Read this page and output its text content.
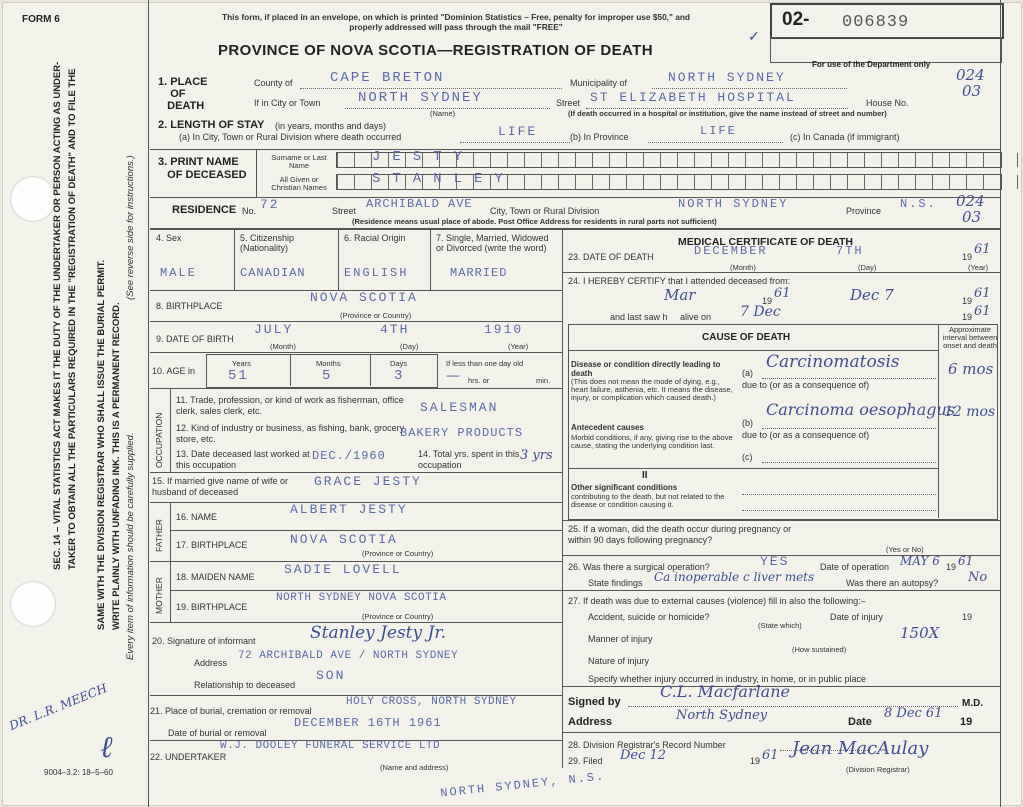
FORM 6
SEC. 14 – VITAL STATISTICS ACT MAKES IT THE DUTY OF THE UNDERTAKER OR PERSON ACTING AS UNDER- TAKER TO OBTAIN ALL THE PARTICULARS REQUIRED IN THE "REGISTRATION OF DEATH" AND TO FILE THE SAME WITH THE DIVISION REGISTRAR WHO SHALL ISSUE THE BURIAL PERMIT. WRITE PLAINLY WITH UNFADING INK. THIS IS A PERMANENT RECORD. Every item of information should be carefully supplied.
(See reverse side for instructions.)
DR. L.R. MEECH
ℓ
9004–3.2: 18–5–60
This form, if placed in an envelope, on which is printed "Dominion Statistics – Free, penalty for improper use $50," and properly addressed will pass through the mail "FREE"
PROVINCE OF NOVA SCOTIA—REGISTRATION OF DEATH
02- 006839
✓
For use of the Department only
024
03
024
03
1. PLACE
OF
DEATH
County of	CAPE BRETON	Municipality of	NORTH SYDNEY
If in City or Town	NORTH SYDNEY
(Name)
Street ST ELIZABETH HOSPITAL	House No.
(If death occurred in a hospital or institution, give the name instead of street and number)
2. LENGTH OF STAY (in years, months and days)
(a) In City, Town or Rural Division where death occurred	LIFE	(b) In Province	LIFE	(c) In Canada (if immigrant)
3. PRINT NAME
OF DECEASED
Surname or Last Name
All Given or Christian Names
JESTY
STANLEY
RESIDENCE No. 72	Street ARCHIBALD AVE City, Town or Rural Division	NORTH SYDNEY	Province N.S.
(Residence means usual place of abode. Post Office Address for residents in rural parts not sufficient)
4. Sex	5. Citizenship (Nationality)
6. Racial Origin	7. Single, Married, Widowed or Divorced (write the word)
MALE	CANADIAN	ENGLISH	MARRIED
8. BIRTHPLACE
NOVA SCOTIA
(Province or Country)
9. DATE OF BIRTH
JULY	4TH	1910
(Month)	(Day)	(Year)
10. AGE in
Years	Months	Days
51	5	3
If less than one day old
— hrs. or	min.
OCCUPATION
11. Trade, profession, or kind of work as fisherman, office clerk, sales clerk, etc.	SALESMAN
12. Kind of industry or business, as fishing, bank, grocery store, etc.	BAKERY PRODUCTS
13. Date deceased last worked at this occupation
DEC./1960	14. Total yrs. spent in this occupation
3 yrs
15. If married give name of wife or husband of deceased
GRACE JESTY
FATHER
16. NAME	ALBERT JESTY
17. BIRTHPLACE	NOVA SCOTIA
(Province or Country)
MOTHER
18. MAIDEN NAME SADIE LOVELL
19. BIRTHPLACE
NORTH SYDNEY NOVA SCOTIA
(Province or Country)
20. Signature of informant	Stanley Jesty Jr.
Address
72 ARCHIBALD AVE / NORTH SYDNEY
Relationship to deceased
SON
21. Place of burial, cremation or removal
HOLY CROSS, NORTH SYDNEY
Date of burial or removal
DECEMBER 16TH 1961
22. UNDERTAKER
W.J. DOOLEY FUNERAL SERVICE LTD
(Name and address)
NORTH SYDNEY, N.S.
MEDICAL CERTIFICATE OF DEATH
23. DATE OF DEATH	DECEMBER	7TH	19 61
(Month)	(Day)	(Year)
24. I HEREBY CERTIFY that I attended deceased from:
Mar	19 61	Dec 7	19 61
and last saw h alive on 7 Dec	19 61
CAUSE OF DEATH
Approximate interval between onset and death
Disease or condition directly leading to death
(This does not mean the mode of dying, e.g., heart failure, asthenia, etc. It means the disease, injury, or complication which caused death.)
(a)
Carcinomatosis	6 mos
due to (or as a consequence of)
Antecedent causes
Morbid conditions, if any, giving rise to the above cause, stating the underlying condition last.
(b)
Carcinoma oesophagus
12 mos
due to (or as a consequence of)
(c)
II
Other significant conditions
contributing to the death, but not related to the disease or condition causing it.
25. If a woman, did the death occur during pregnancy or within 90 days following pregnancy?
(Yes or No)
26. Was there a surgical operation?	YES	Date of operation MAY 6 19 61
State findings Ca inoperable c liver mets	Was there an autopsy? No
27. If death was due to external causes (violence) fill in also the following:–
Accident, suicide or homicide?
(State which)
Date of injury	19
Manner of injury	150X
(How sustained)
Nature of injury
Specify whether injury occurred in industry, in home, or in public place
Signed by
C.L. Macfarlane
M.D.
Address	North Sydney	Date
8 Dec 61
19
28. Division Registrar's Record Number
29. Filed Dec 12	19 61 Jean MacAulay
(Division Registrar)
